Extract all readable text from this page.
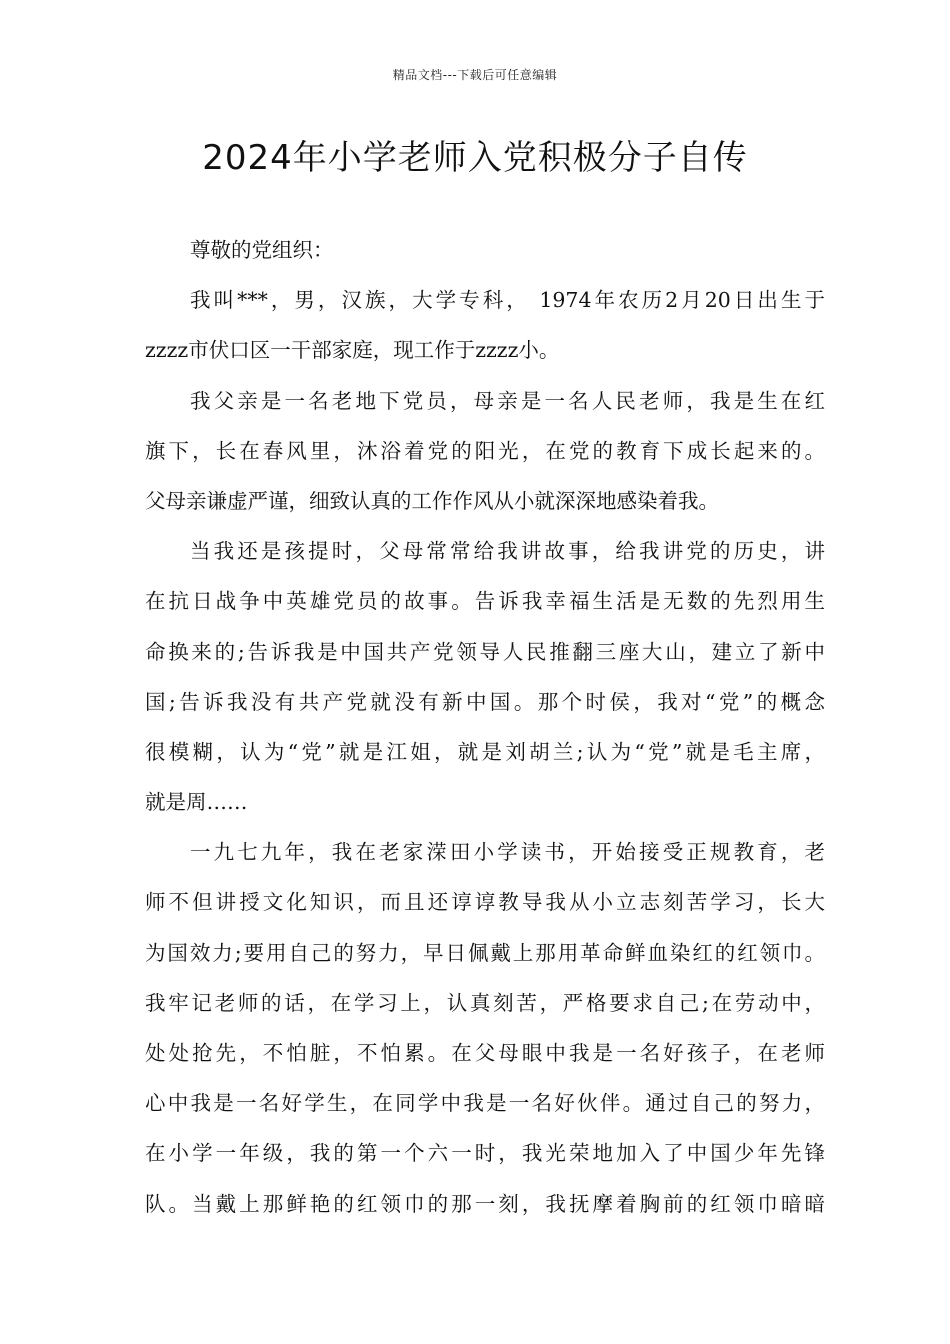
精品文档---下载后可任意编辑
2024年小学老师入党积极分子自传
尊敬的党组织：
我叫***，男，汉族，大学专科， 1974年农历2月20日出生于
zzzz市伏口区一干部家庭，现工作于zzzz小。
我父亲是一名老地下党员，母亲是一名人民老师，我是生在红
旗下，长在春风里，沐浴着党的阳光，在党的教育下成长起来的。
父母亲谦虚严谨，细致认真的工作作风从小就深深地感染着我。
当我还是孩提时，父母常常给我讲故事，给我讲党的历史，讲
在抗日战争中英雄党员的故事。告诉我幸福生活是无数的先烈用生
命换来的;告诉我是中国共产党领导人民推翻三座大山，建立了新中
国;告诉我没有共产党就没有新中国。那个时侯，我对“党”的概念
很模糊，认为“党”就是江姐，就是刘胡兰;认为“党”就是毛主席，
就是周……
一九七九年，我在老家溁田小学读书，开始接受正规教育，老
师不但讲授文化知识，而且还谆谆教导我从小立志刻苦学习，长大
为国效力;要用自己的努力，早日佩戴上那用革命鲜血染红的红领巾。
我牢记老师的话，在学习上，认真刻苦，严格要求自己;在劳动中，
处处抢先，不怕脏，不怕累。在父母眼中我是一名好孩子，在老师
心中我是一名好学生，在同学中我是一名好伙伴。通过自己的努力，
在小学一年级，我的第一个六一时，我光荣地加入了中国少年先锋
队。当戴上那鲜艳的红领巾的那一刻，我抚摩着胸前的红领巾暗暗
